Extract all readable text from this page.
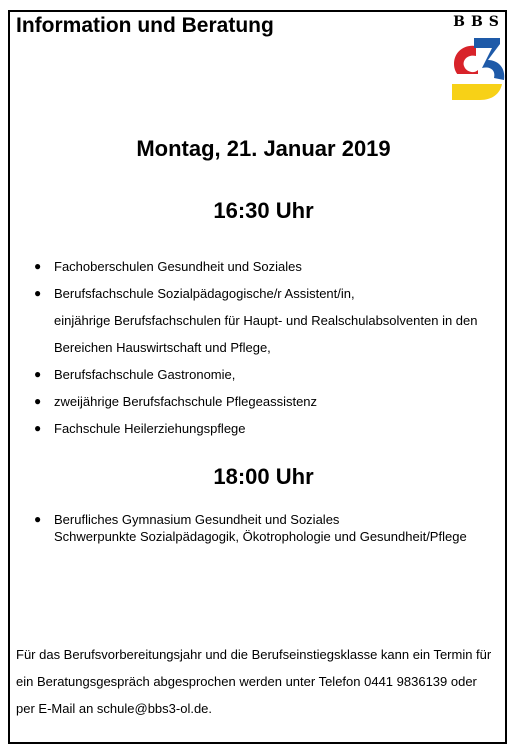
Information und Beratung	BBS
Montag, 21. Januar 2019
16:30 Uhr
● Fachoberschulen Gesundheit und Soziales
● Berufsfachschule Sozialpädagogische/r Assistent/in,
einjährige Berufsfachschulen für Haupt- und Realschulabsolventen in den
Bereichen Hauswirtschaft und Pflege,
● Berufsfachschule Gastronomie,
● zweijährige Berufsfachschule Pflegeassistenz
● Fachschule Heilerziehungspflege
18:00 Uhr
● Berufliches Gymnasium Gesundheit und Soziales
Schwerpunkte Sozialpädagogik, Ökotrophologie und Gesundheit/Pflege
Für das Berufsvorbereitungsjahr und die Berufseinstiegsklasse kann ein Termin für
ein Beratungsgespräch abgesprochen werden unter Telefon 0441 9836139 oder
per E-Mail an schule@bbs3-ol.de.
